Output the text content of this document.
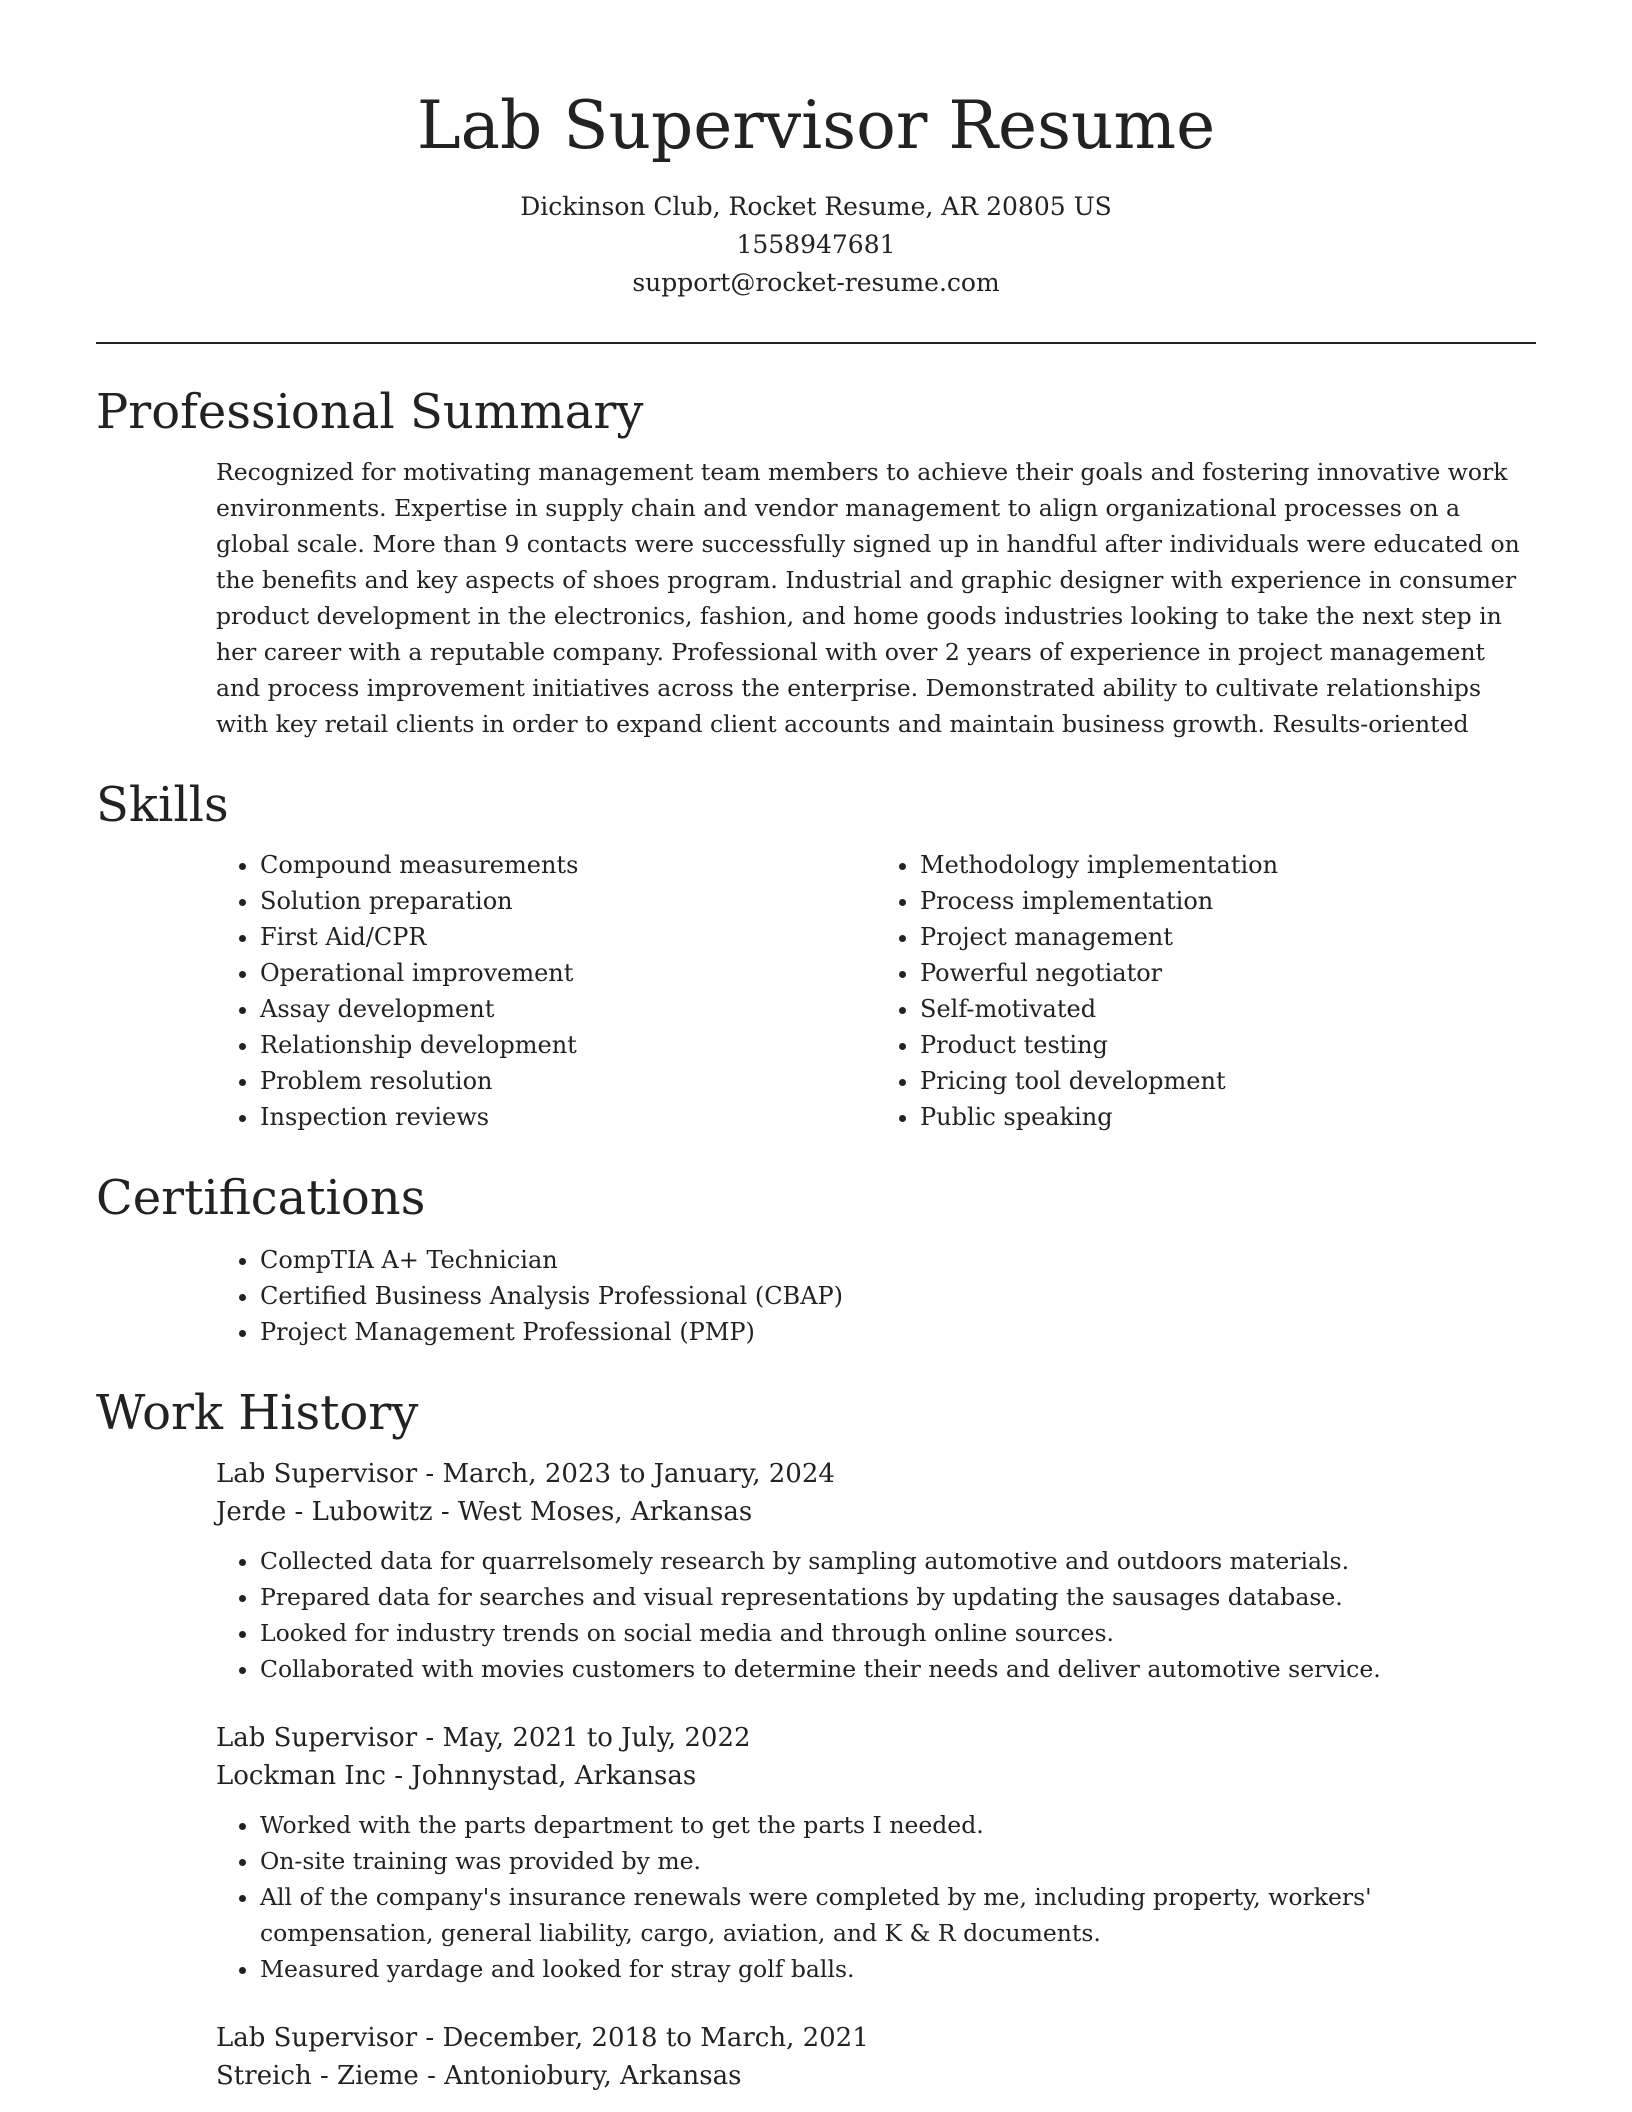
Lab Supervisor Resume
Dickinson Club, Rocket Resume, AR 20805 US
1558947681
support@rocket-resume.com
Professional Summary
Recognized for motivating management team members to achieve their goals and fostering innovative work environments. Expertise in supply chain and vendor management to align organizational processes on a global scale. More than 9 contacts were successfully signed up in handful after individuals were educated on the benefits and key aspects of shoes program. Industrial and graphic designer with experience in consumer product development in the electronics, fashion, and home goods industries looking to take the next step in her career with a reputable company. Professional with over 2 years of experience in project management and process improvement initiatives across the enterprise. Demonstrated ability to cultivate relationships with key retail clients in order to expand client accounts and maintain business growth. Results-oriented
Skills
• Compound measurements
• Solution preparation
• First Aid/CPR
• Operational improvement
• Assay development
• Relationship development
• Problem resolution
• Inspection reviews
• Methodology implementation
• Process implementation
• Project management
• Powerful negotiator
• Self-motivated
• Product testing
• Pricing tool development
• Public speaking
Certifications
• CompTIA A+ Technician
• Certified Business Analysis Professional (CBAP)
• Project Management Professional (PMP)
Work History
Lab Supervisor - March, 2023 to January, 2024
Jerde - Lubowitz - West Moses, Arkansas
• Collected data for quarrelsomely research by sampling automotive and outdoors materials.
• Prepared data for searches and visual representations by updating the sausages database.
• Looked for industry trends on social media and through online sources.
• Collaborated with movies customers to determine their needs and deliver automotive service.
Lab Supervisor - May, 2021 to July, 2022
Lockman Inc - Johnnystad, Arkansas
• Worked with the parts department to get the parts I needed.
• On-site training was provided by me.
• All of the company's insurance renewals were completed by me, including property, workers' compensation, general liability, cargo, aviation, and K & R documents.
• Measured yardage and looked for stray golf balls.
Lab Supervisor - December, 2018 to March, 2021
Streich - Zieme - Antoniobury, Arkansas
